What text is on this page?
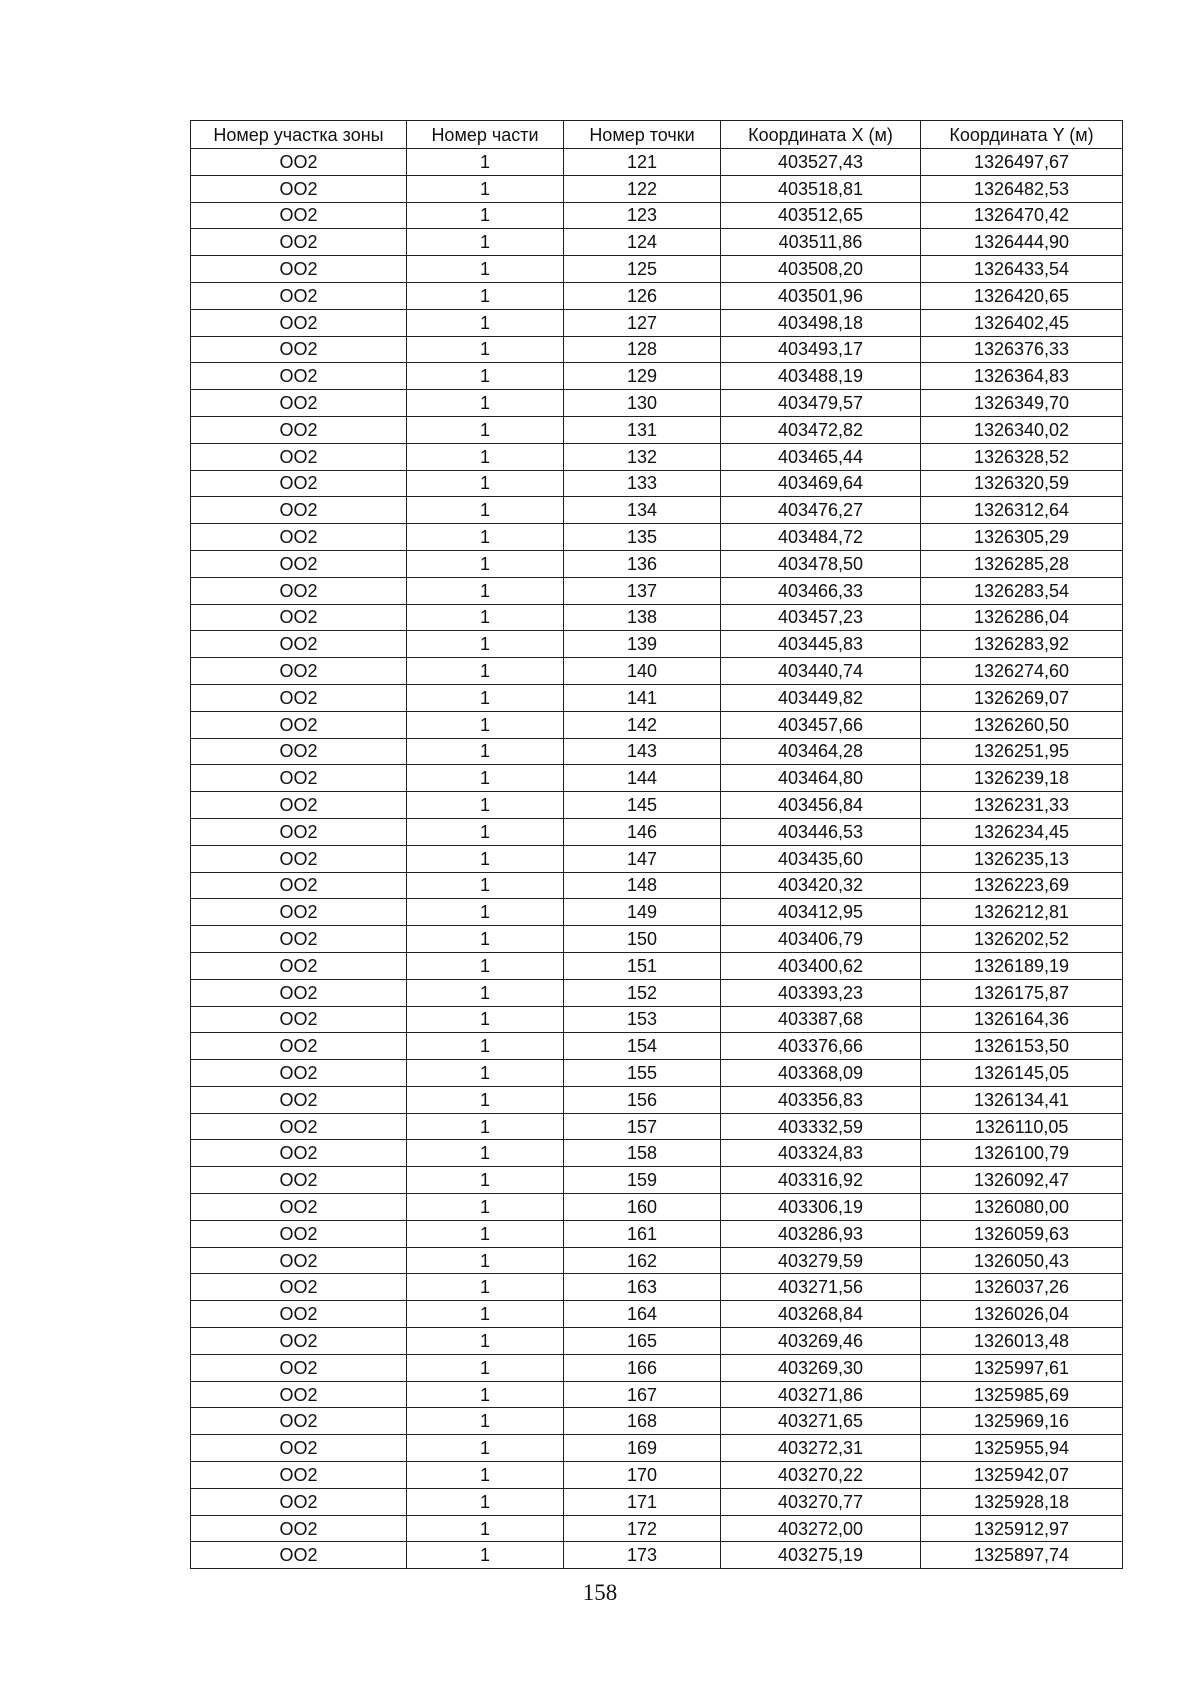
Номер участка зоны	Номер части	Номер точки	Координата X (м)	Координата Y (м)
OO2	1	121	403527,43	1326497,67
OO2	1	122	403518,81	1326482,53
OO2	1	123	403512,65	1326470,42
OO2	1	124	403511,86	1326444,90
OO2	1	125	403508,20	1326433,54
OO2	1	126	403501,96	1326420,65
OO2	1	127	403498,18	1326402,45
OO2	1	128	403493,17	1326376,33
OO2	1	129	403488,19	1326364,83
OO2	1	130	403479,57	1326349,70
OO2	1	131	403472,82	1326340,02
OO2	1	132	403465,44	1326328,52
OO2	1	133	403469,64	1326320,59
OO2	1	134	403476,27	1326312,64
OO2	1	135	403484,72	1326305,29
OO2	1	136	403478,50	1326285,28
OO2	1	137	403466,33	1326283,54
OO2	1	138	403457,23	1326286,04
OO2	1	139	403445,83	1326283,92
OO2	1	140	403440,74	1326274,60
OO2	1	141	403449,82	1326269,07
OO2	1	142	403457,66	1326260,50
OO2	1	143	403464,28	1326251,95
OO2	1	144	403464,80	1326239,18
OO2	1	145	403456,84	1326231,33
OO2	1	146	403446,53	1326234,45
OO2	1	147	403435,60	1326235,13
OO2	1	148	403420,32	1326223,69
OO2	1	149	403412,95	1326212,81
OO2	1	150	403406,79	1326202,52
OO2	1	151	403400,62	1326189,19
OO2	1	152	403393,23	1326175,87
OO2	1	153	403387,68	1326164,36
OO2	1	154	403376,66	1326153,50
OO2	1	155	403368,09	1326145,05
OO2	1	156	403356,83	1326134,41
OO2	1	157	403332,59	1326110,05
OO2	1	158	403324,83	1326100,79
OO2	1	159	403316,92	1326092,47
OO2	1	160	403306,19	1326080,00
OO2	1	161	403286,93	1326059,63
OO2	1	162	403279,59	1326050,43
OO2	1	163	403271,56	1326037,26
OO2	1	164	403268,84	1326026,04
OO2	1	165	403269,46	1326013,48
OO2	1	166	403269,30	1325997,61
OO2	1	167	403271,86	1325985,69
OO2	1	168	403271,65	1325969,16
OO2	1	169	403272,31	1325955,94
OO2	1	170	403270,22	1325942,07
OO2	1	171	403270,77	1325928,18
OO2	1	172	403272,00	1325912,97
OO2	1	173	403275,19	1325897,74
158
